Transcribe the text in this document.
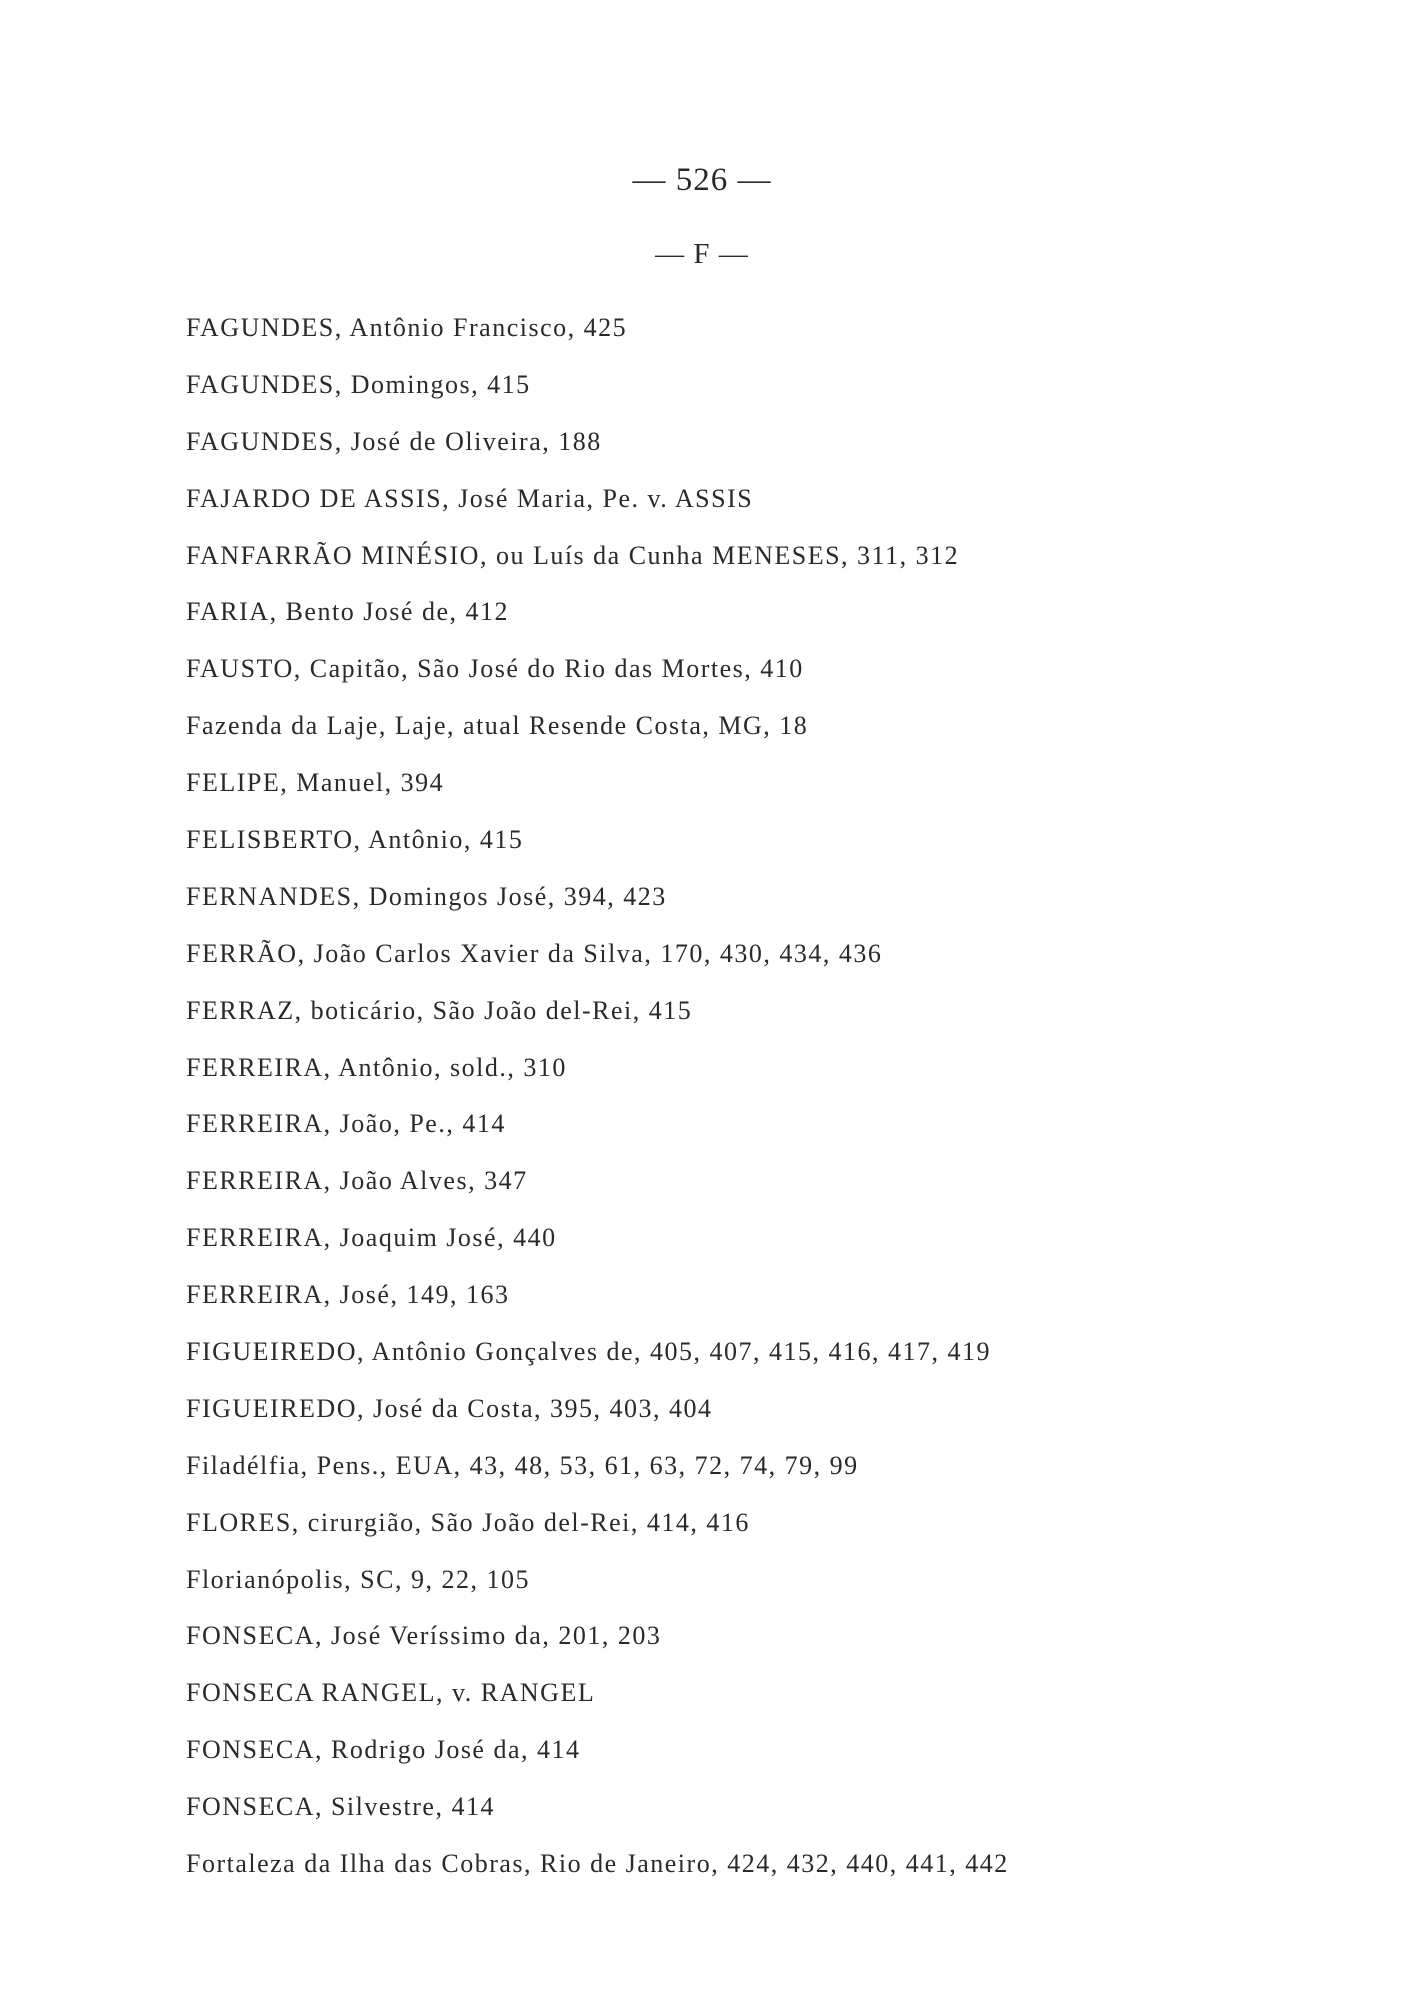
— 526 —
— F —
FAGUNDES, Antônio Francisco, 425
FAGUNDES, Domingos, 415
FAGUNDES, José de Oliveira, 188
FAJARDO DE ASSIS, José Maria, Pe. v. ASSIS
FANFARRÃO MINÉSIO, ou Luís da Cunha MENESES, 311, 312
FARIA, Bento José de, 412
FAUSTO, Capitão, São José do Rio das Mortes, 410
Fazenda da Laje, Laje, atual Resende Costa, MG, 18
FELIPE, Manuel, 394
FELISBERTO, Antônio, 415
FERNANDES, Domingos José, 394, 423
FERRÃO, João Carlos Xavier da Silva, 170, 430, 434, 436
FERRAZ, boticário, São João del-Rei, 415
FERREIRA, Antônio, sold., 310
FERREIRA, João, Pe., 414
FERREIRA, João Alves, 347
FERREIRA, Joaquim José, 440
FERREIRA, José, 149, 163
FIGUEIREDO, Antônio Gonçalves de, 405, 407, 415, 416, 417, 419
FIGUEIREDO, José da Costa, 395, 403, 404
Filadélfia, Pens., EUA, 43, 48, 53, 61, 63, 72, 74, 79, 99
FLORES, cirurgião, São João del-Rei, 414, 416
Florianópolis, SC, 9, 22, 105
FONSECA, José Veríssimo da, 201, 203
FONSECA RANGEL, v. RANGEL
FONSECA, Rodrigo José da, 414
FONSECA, Silvestre, 414
Fortaleza da Ilha das Cobras, Rio de Janeiro, 424, 432, 440, 441, 442
